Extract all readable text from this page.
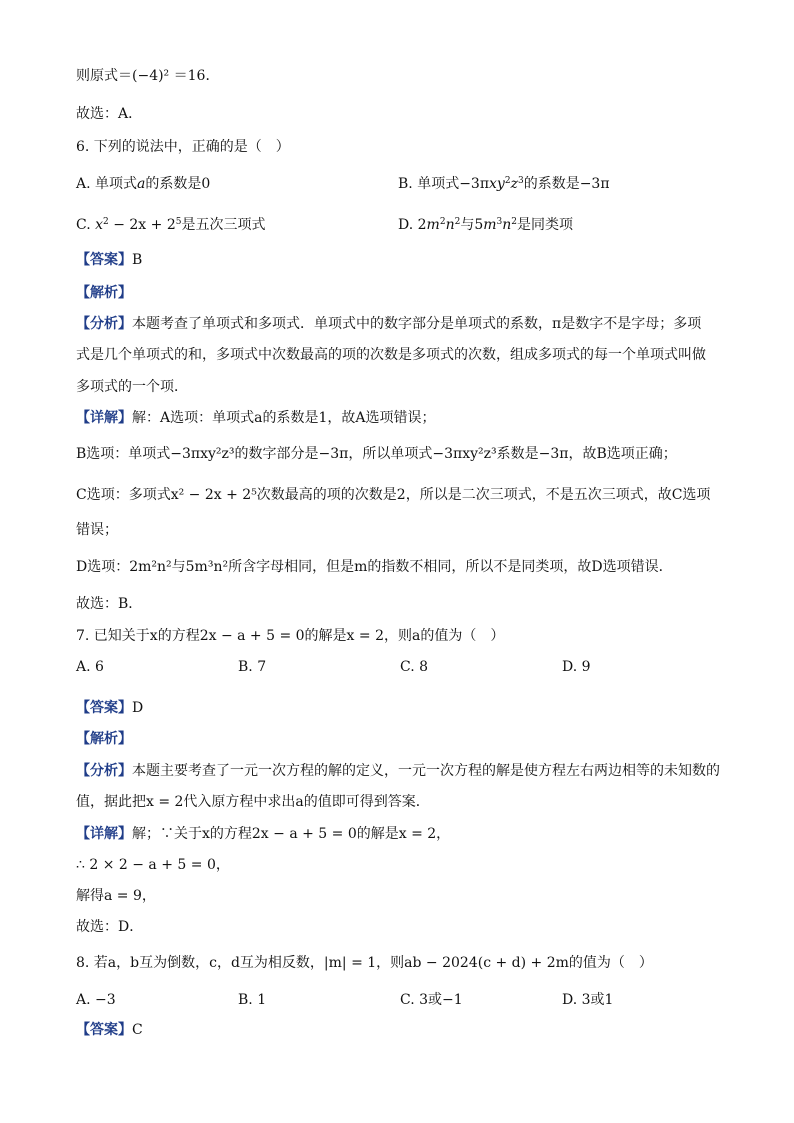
则原式＝(−4)² ＝16．
故选：A．
6. 下列的说法中，正确的是（　）
A. 单项式a的系数是0	B. 单项式$-3\pi xy^2z^3$的系数是−3π
C. $x^2 - 2x + 2^5$是五次三项式	D. $2m^2n^2$与$5m^3n^2$是同类项
【答案】B
【解析】
【分析】本题考查了单项式和多项式．单项式中的数字部分是单项式的系数，π是数字不是字母；多项
式是几个单项式的和，多项式中次数最高的项的次数是多项式的次数，组成多项式的每一个单项式叫做
多项式的一个项．
【详解】解：A选项：单项式a的系数是1，故A选项错误；
B选项：单项式−3πxy²z³的数字部分是−3π，所以单项式−3πxy²z³系数是−3π，故B选项正确；
C选项：多项式x² − 2x + 2⁵次数最高的项的次数是2，所以是二次三项式，不是五次三项式，故C选项
错误；
D选项：2m²n²与5m³n²所含字母相同，但是m的指数不相同，所以不是同类项，故D选项错误．
故选：B．
7. 已知关于x的方程2x − a + 5 = 0的解是x = 2，则a的值为（　）
A. 6	B. 7	C. 8	D. 9
【答案】D
【解析】
【分析】本题主要考查了一元一次方程的解的定义，一元一次方程的解是使方程左右两边相等的未知数的
值，据此把x = 2代入原方程中求出a的值即可得到答案．
【详解】解；∵关于x的方程2x − a + 5 = 0的解是x = 2，
∴ 2 × 2 − a + 5 = 0，
解得a = 9，
故选：D．
8. 若a，b互为倒数，c，d互为相反数，|m| = 1，则ab − 2024(c + d) + 2m的值为（　）
A. −3	B. 1	C. 3或−1	D. 3或1
【答案】C
